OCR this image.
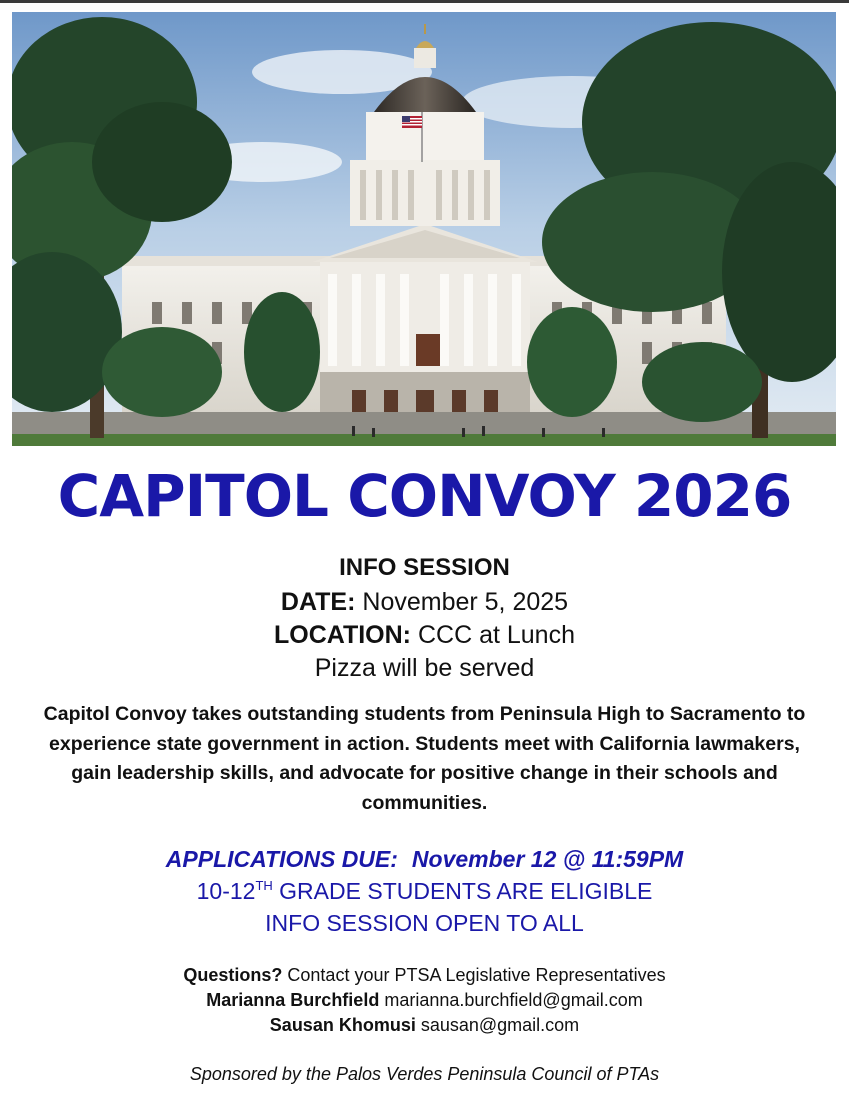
CAPITOL CONVOY 2026
INFO SESSION
DATE: November 5, 2025
LOCATION: CCC at Lunch
Pizza will be served
Capitol Convoy takes outstanding students from Peninsula High to Sacramento to experience state government in action. Students meet with California lawmakers, gain leadership skills, and advocate for positive change in their schools and communities.
APPLICATIONS DUE: November 12 @ 11:59PM
10-12TH GRADE STUDENTS ARE ELIGIBLE
INFO SESSION OPEN TO ALL
Questions? Contact your PTSA Legislative Representatives
Marianna Burchfield marianna.burchfield@gmail.com
Sausan Khomusi sausan@gmail.com
Sponsored by the Palos Verdes Peninsula Council of PTAs
